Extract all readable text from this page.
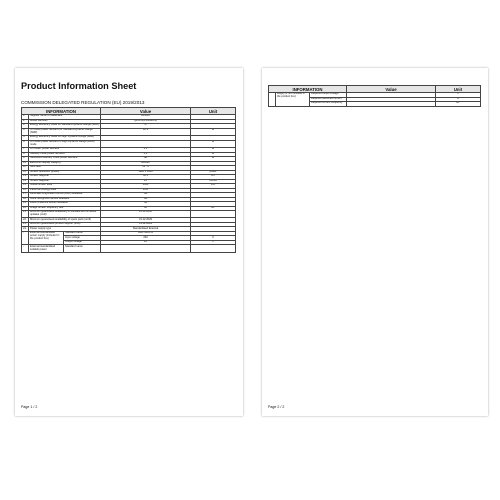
Product Information Sheet
COMMISSION DELEGATED REGULATION (EU) 2019/2013
INFORMATION			Value	Unit
1.	Supplier name or trademark		Lenovo	
2.	Model identifier		Q24i-10(F102BFL0)	
3.	Energy Efficiency Class for standard Dynamic Range (SDR)		D	
4.	On mode power demand for Standard Dynamic Range (SDR)		12.9	W
5.	Energy Efficiency Class for High Dynamic Range (HDR)			
6.	On mode power demand in High Dynamic Range (HDR) mode			W
7.	Off mode, power demand		0.3	W
8.	Standby mode power demand		0.3	W
9.	Networked standby mode power demand		NA	W
10.	Electronic display category		Monitor	
11.	Size ratio		16 : 9	
12.	Screen resolution (pixels)		1920 x 1080	pixels
13.	Screen diagonal		60.5	cm
14.	Screen diagonal		24	inches
15.	Visible screen area		1560	cm²
16.	Panel technology used		LCD	
17.	Automatic Brightness Control (ABC) available		No	
18.	Voice recognition sensor available		No	
19.	Room presence sensor available		No	
20.	Image refresh frequency rate		60	Hz
21.	Minimum guaranteed availability of software and firmware updates (until)		31.12.2030	
22.	Minimum guaranteed availability of spare parts (until)		31.12.2029	
23.	Minimum guaranteed product support (until)		31.12.2029	
24.	Power supply type		Standardised External	
-	External standardised power supply (included in the product box)	Standard name	ADP-45FD B	
		Input voltage	230	V
		Output voltage	20	V
-	External standardised suitable power	Standard name		
Page 1 / 2
INFORMATION			Value	Unit
	supply (if not included in the product box)	Required output voltage		V
		Required delivered current		A
		Required current frequency		Hz
Page 2 / 2
